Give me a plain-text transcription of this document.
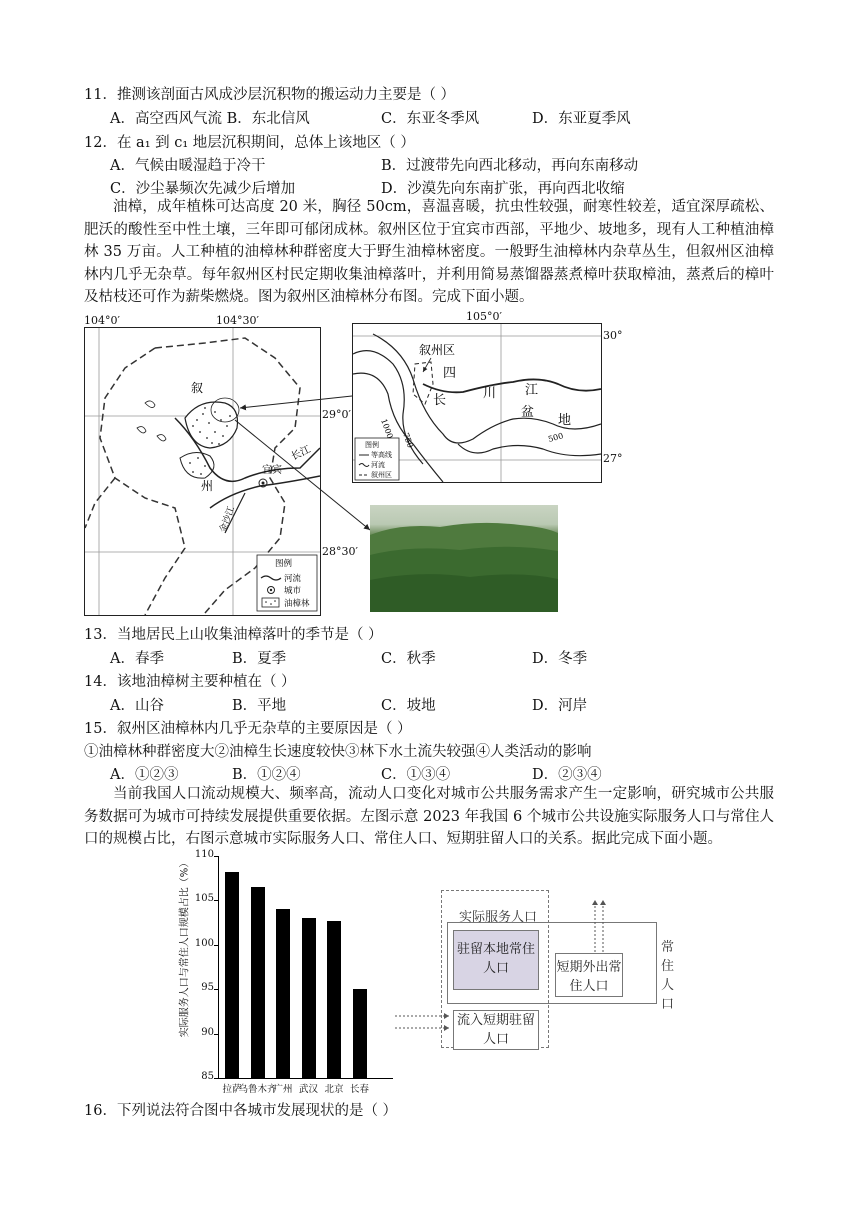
11．推测该剖面古风成沙层沉积物的搬运动力主要是（ ）
A．高空西风气流 B．东北信风	C．东亚冬季风	D．东亚夏季风
12．在 a₁ 到 c₁ 地层沉积期间，总体上该地区（ ）
A．气候由暖湿趋于冷干	B．过渡带先向西北移动，再向东南移动
C．沙尘暴频次先减少后增加	D．沙漠先向东南扩张，再向西北收缩
油樟，成年植株可达高度 20 米，胸径 50cm，喜温喜暖，抗虫性较强，耐寒性较差，适宜深厚疏松、肥沃的酸性至中性土壤，三年即可郁闭成林。叙州区位于宜宾市西部，平地少、坡地多，现有人工种植油樟林 35 万亩。人工种植的油樟林种群密度大于野生油樟林密度。一般野生油樟林内杂草丛生，但叙州区油樟林内几乎无杂草。每年叙州区村民定期收集油樟落叶，并利用简易蒸馏器蒸煮樟叶获取樟油，蒸煮后的樟叶及枯枝还可作为薪柴燃烧。图为叙州区油樟林分布图。完成下面小题。
图例
河流
城市
油樟林
叙
州
宜宾
长江
金沙江
104°0′	104°30′
29°0′
28°30′
图例
等高线
河流
叙州区
叙州区
四
川
盆
地
长
江
1000
750	500
105°0′
30°
27°
13．当地居民上山收集油樟落叶的季节是（ ）
A．春季	B．夏季	C．秋季	D．冬季
14．该地油樟树主要种植在（ ）
A．山谷	B．平地	C．坡地	D．河岸
15．叙州区油樟林内几乎无杂草的主要原因是（ ）
①油樟林种群密度大②油樟生长速度较快③林下水土流失较强④人类活动的影响
A．①②③	B．①②④	C．①③④	D．②③④
当前我国人口流动规模大、频率高，流动人口变化对城市公共服务需求产生一定影响，研究城市公共服务数据可为城市可持续发展提供重要依据。左图示意 2023 年我国 6 个城市公共设施实际服务人口与常住人口的规模占比，右图示意城市实际服务人口、常住人口、短期驻留人口的关系。据此完成下面小题。
实际服务人口与常住人口规模占比（%）
85
90
95
100
105
110
拉萨
乌鲁木齐
广州 武汉 北京 长春
实际服务人口
驻留本地常住人口	短期外出常住人口
常住人口
流入短期驻留人口
16．下列说法符合图中各城市发展现状的是（ ）
